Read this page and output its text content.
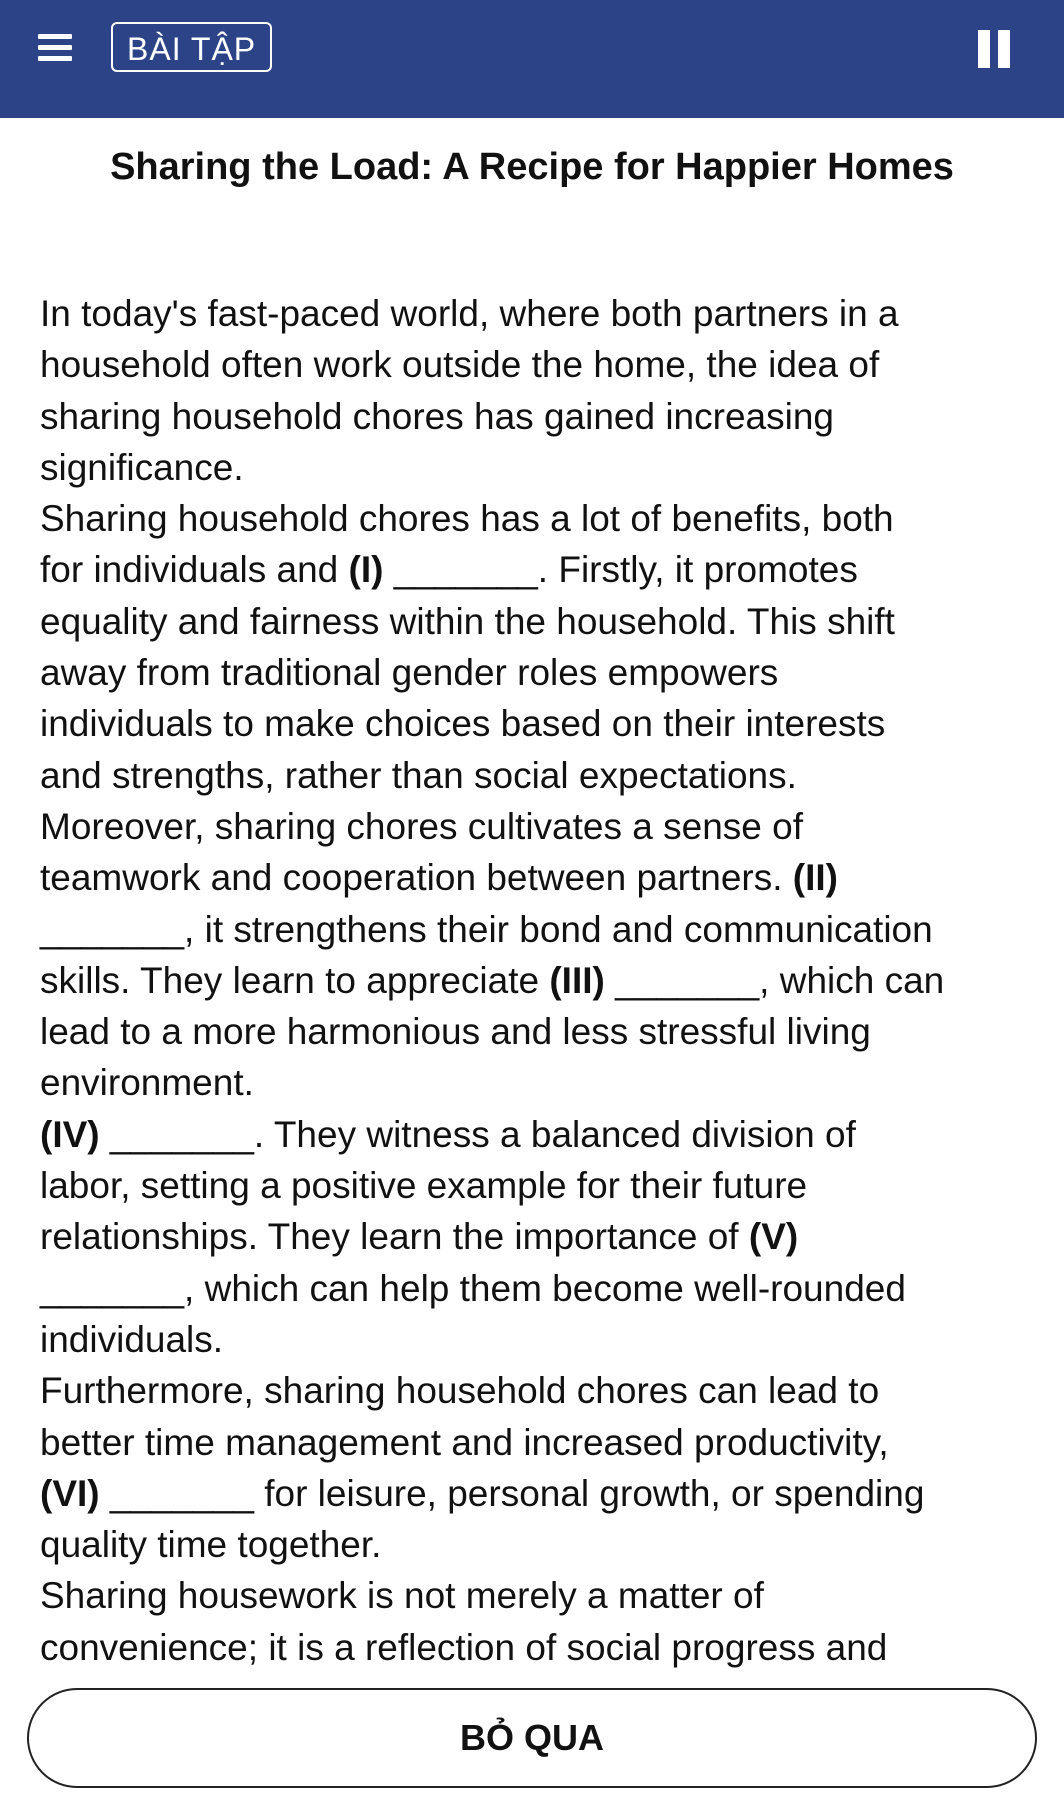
BÀI TẬP
Sharing the Load: A Recipe for Happier Homes
In today's fast-paced world, where both partners in a
household often work outside the home, the idea of
sharing household chores has gained increasing
significance.
Sharing household chores has a lot of benefits, both
for individuals and (I) _______. Firstly, it promotes
equality and fairness within the household. This shift
away from traditional gender roles empowers
individuals to make choices based on their interests
and strengths, rather than social expectations.
Moreover, sharing chores cultivates a sense of
teamwork and cooperation between partners. (II)
_______, it strengthens their bond and communication
skills. They learn to appreciate (III) _______, which can
lead to a more harmonious and less stressful living
environment.
(IV) _______. They witness a balanced division of
labor, setting a positive example for their future
relationships. They learn the importance of (V)
_______, which can help them become well-rounded
individuals.
Furthermore, sharing household chores can lead to
better time management and increased productivity,
(VI) _______ for leisure, personal growth, or spending
quality time together.
Sharing housework is not merely a matter of
convenience; it is a reflection of social progress and
BỎ QUA
